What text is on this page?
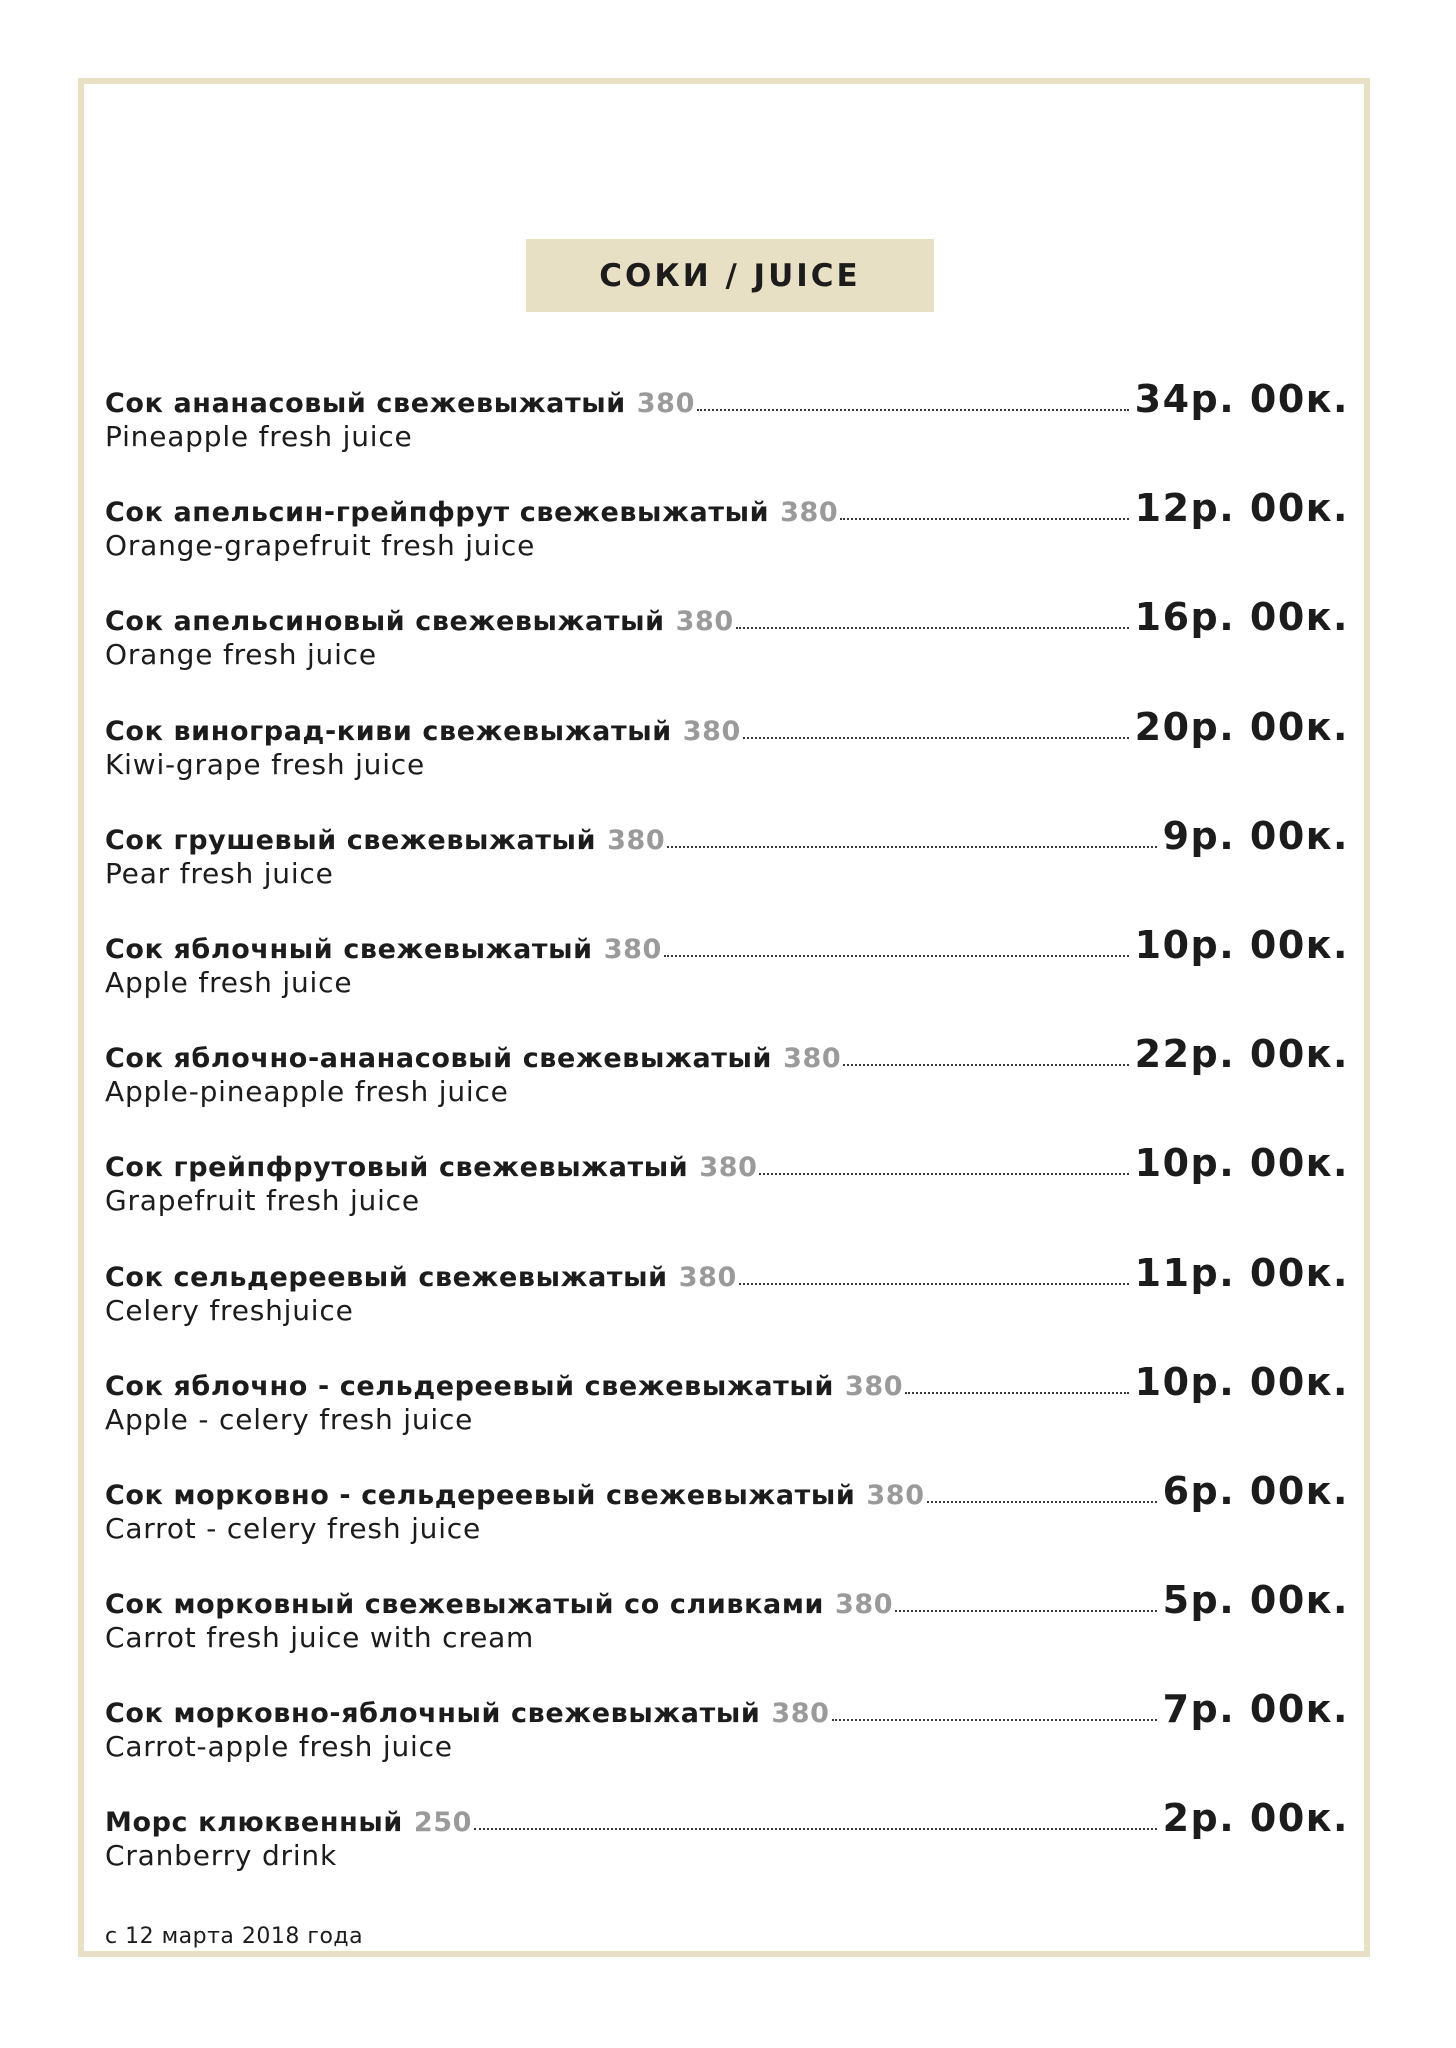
СОКИ / JUICE
Сок ананасовый свежевыжатый 380	34р. 00к.
Pineapple fresh juice
Сок апельсин-грейпфрут свежевыжатый 380	12р. 00к.
Orange-grapefruit fresh juice
Сок апельсиновый свежевыжатый 380	16р. 00к.
Orange fresh juice
Сок виноград-киви свежевыжатый 380	20р. 00к.
Kiwi-grape fresh juice
Сок грушевый свежевыжатый 380	9р. 00к.
Pear fresh juice
Сок яблочный свежевыжатый 380	10р. 00к.
Apple fresh juice
Сок яблочно-ананасовый свежевыжатый 380	22р. 00к.
Apple-pineapple fresh juice
Сок грейпфрутовый свежевыжатый 380	10р. 00к.
Grapefruit fresh juice
Сок сельдереевый свежевыжатый 380	11р. 00к.
Celery freshjuice
Сок яблочно - сельдереевый свежевыжатый 380	10р. 00к.
Apple - celery fresh juice
Сок морковно - сельдереевый свежевыжатый 380	6р. 00к.
Carrot - celery fresh juice
Сок морковный свежевыжатый со сливками 380	5р. 00к.
Carrot fresh juice with cream
Сок морковно-яблочный свежевыжатый 380	7р. 00к.
Carrot-apple fresh juice
Морс клюквенный 250	2р. 00к.
Cranberry drink
с 12 марта 2018 года
